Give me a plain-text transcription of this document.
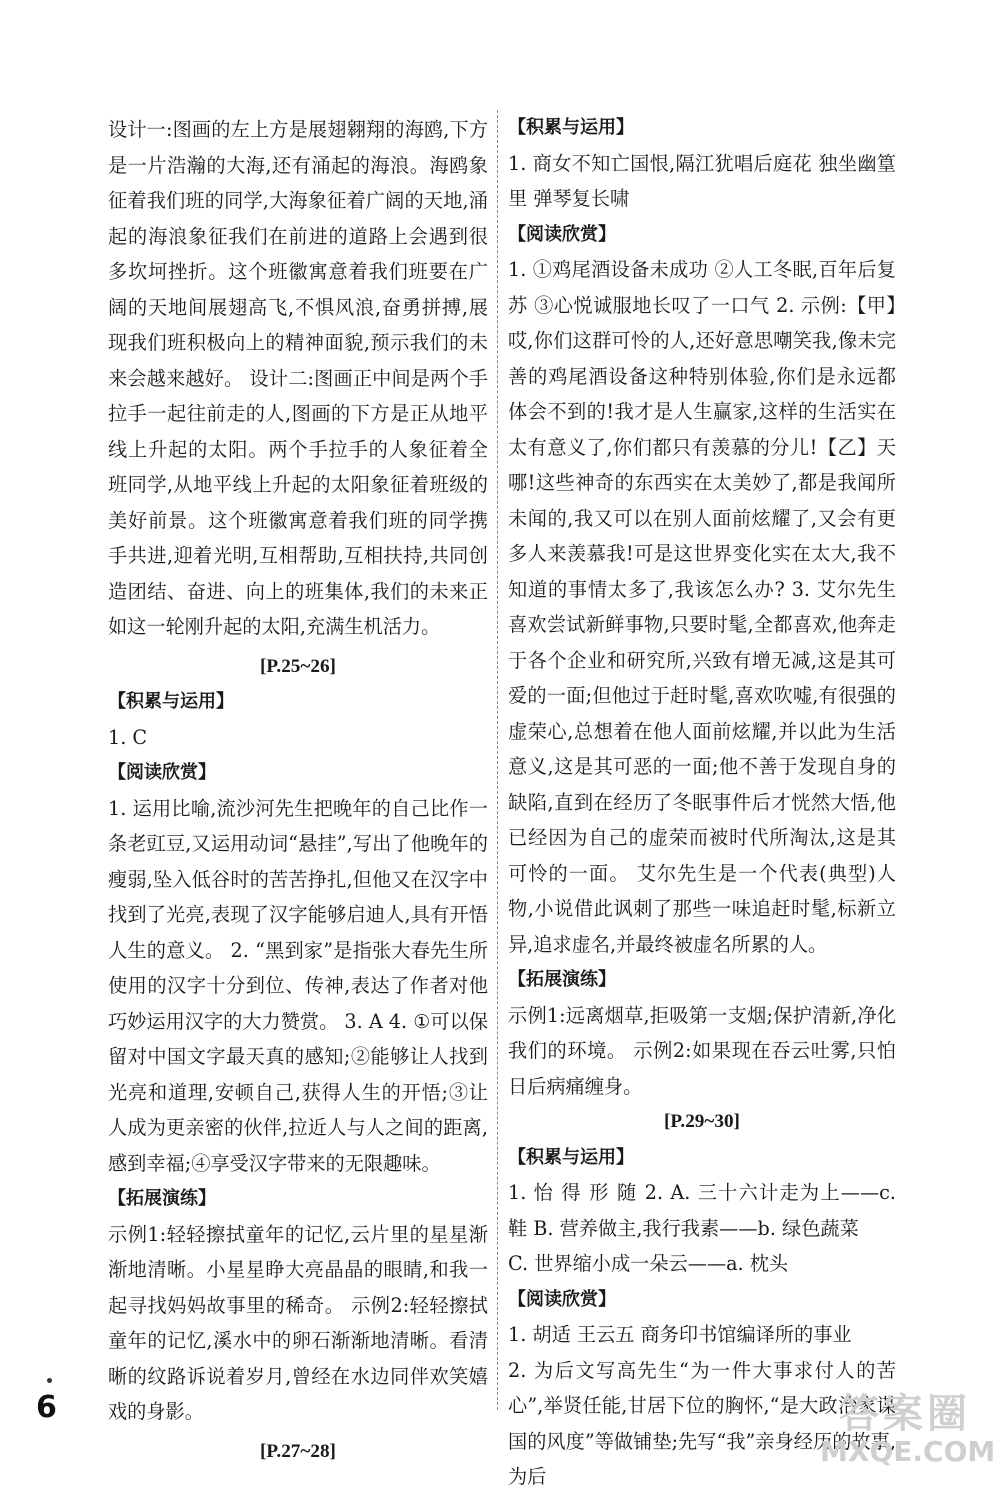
设计一:图画的左上方是展翅翱翔的海鸥,下方是一片浩瀚的大海,还有涌起的海浪。海鸥象征着我们班的同学,大海象征着广阔的天地,涌起的海浪象征我们在前进的道路上会遇到很多坎坷挫折。这个班徽寓意着我们班要在广阔的天地间展翅高飞,不惧风浪,奋勇拼搏,展现我们班积极向上的精神面貌,预示我们的未来会越来越好。 设计二:图画正中间是两个手拉手一起往前走的人,图画的下方是正从地平线上升起的太阳。两个手拉手的人象征着全班同学,从地平线上升起的太阳象征着班级的美好前景。这个班徽寓意着我们班的同学携手共进,迎着光明,互相帮助,互相扶持,共同创造团结、奋进、向上的班集体,我们的未来正如这一轮刚升起的太阳,充满生机活力。

[P.25~26]

【积累与运用】

1. C

【阅读欣赏】

1. 运用比喻,流沙河先生把晚年的自己比作一条老豇豆,又运用动词“悬挂”,写出了他晚年的瘦弱,坠入低谷时的苦苦挣扎,但他又在汉字中找到了光亮,表现了汉字能够启迪人,具有开悟人生的意义。 2. “黑到家”是指张大春先生所使用的汉字十分到位、传神,表达了作者对他巧妙运用汉字的大力赞赏。 3. A 4. ①可以保留对中国文字最天真的感知;②能够让人找到光亮和道理,安顿自己,获得人生的开悟;③让人成为更亲密的伙伴,拉近人与人之间的距离,感到幸福;④享受汉字带来的无限趣味。

【拓展演练】

示例1:轻轻擦拭童年的记忆,云片里的星星渐渐地清晰。小星星睁大亮晶晶的眼睛,和我一起寻找妈妈故事里的稀奇。 示例2:轻轻擦拭童年的记忆,溪水中的卵石渐渐地清晰。看清晰的纹路诉说着岁月,曾经在水边同伴欢笑嬉戏的身影。

[P.27~28]

【积累与运用】

1. 商女不知亡国恨,隔江犹唱后庭花 独坐幽篁里 弹琴复长啸

【阅读欣赏】

1. ①鸡尾酒设备未成功 ②人工冬眠,百年后复苏 ③心悦诚服地长叹了一口气 2. 示例:【甲】哎,你们这群可怜的人,还好意思嘲笑我,像未完善的鸡尾酒设备这种特别体验,你们是永远都体会不到的!我才是人生赢家,这样的生活实在太有意义了,你们都只有羡慕的分儿!【乙】天哪!这些神奇的东西实在太美妙了,都是我闻所未闻的,我又可以在别人面前炫耀了,又会有更多人来羡慕我!可是这世界变化实在太大,我不知道的事情太多了,我该怎么办? 3. 艾尔先生喜欢尝试新鲜事物,只要时髦,全都喜欢,他奔走于各个企业和研究所,兴致有增无减,这是其可爱的一面;但他过于赶时髦,喜欢吹嘘,有很强的虚荣心,总想着在他人面前炫耀,并以此为生活意义,这是其可恶的一面;他不善于发现自身的缺陷,直到在经历了冬眠事件后才恍然大悟,他已经因为自己的虚荣而被时代所淘汰,这是其可怜的一面。 艾尔先生是一个代表(典型)人物,小说借此讽刺了那些一味追赶时髦,标新立异,追求虚名,并最终被虚名所累的人。

【拓展演练】

示例1:远离烟草,拒吸第一支烟;保护清新,净化我们的环境。 示例2:如果现在吞云吐雾,只怕日后病痛缠身。

[P.29~30]

【积累与运用】

1. 怡 得 形 随 2. A. 三十六计走为上——c. 鞋 B. 营养做主,我行我素——b. 绿色蔬菜

C. 世界缩小成一朵云——a. 枕头

【阅读欣赏】

1. 胡适 王云五 商务印书馆编译所的事业

2. 为后文写高先生“为一件大事求付人的苦心”,举贤任能,甘居下位的胸怀,“是大政治家谋国的风度”等做铺垫;先写“我”亲身经历的故事,为后

6	答案圈
MXQE.COM
